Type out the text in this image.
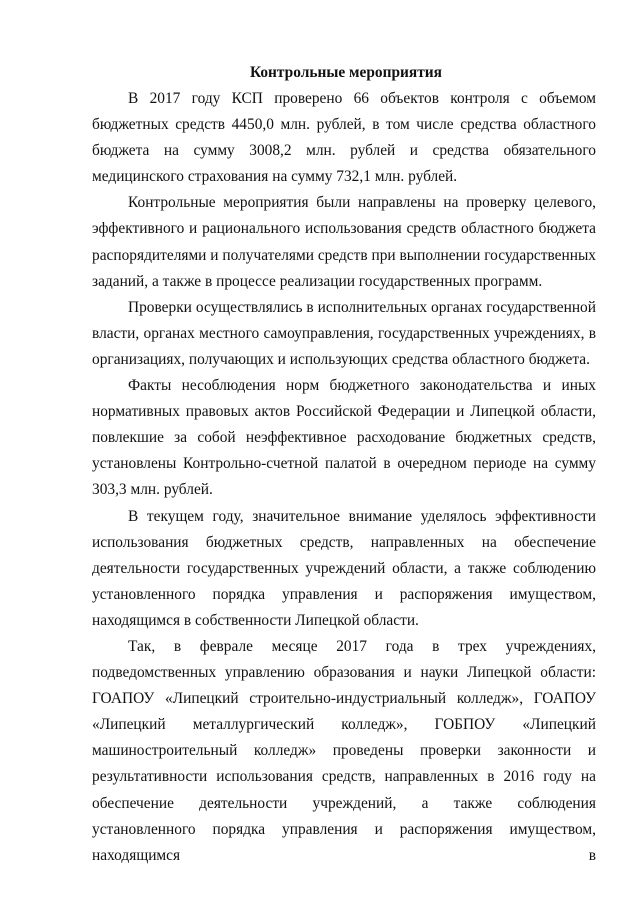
Контрольные мероприятия

В 2017 году КСП проверено 66 объектов контроля с объемом бюджетных средств 4450,0 млн. рублей, в том числе средства областного бюджета на сумму 3008,2 млн. рублей и средства обязательного медицинского страхования на сумму 732,1 млн. рублей.

Контрольные мероприятия были направлены на проверку целевого, эффективного и рационального использования средств областного бюджета распорядителями и получателями средств при выполнении государственных заданий, а также в процессе реализации государственных программ.

Проверки осуществлялись в исполнительных органах государственной власти, органах местного самоуправления, государственных учреждениях, в организациях, получающих и использующих средства областного бюджета.

Факты несоблюдения норм бюджетного законодательства и иных нормативных правовых актов Российской Федерации и Липецкой области, повлекшие за собой неэффективное расходование бюджетных средств, установлены Контрольно-счетной палатой в очередном периоде на сумму 303,3 млн. рублей.

В текущем году, значительное внимание уделялось эффективности использования бюджетных средств, направленных на обеспечение деятельности государственных учреждений области, а также соблюдению установленного порядка управления и распоряжения имуществом, находящимся в собственности Липецкой области.

Так, в феврале месяце 2017 года в трех учреждениях, подведомственных управлению образования и науки Липецкой области: ГОАПОУ «Липецкий строительно-индустриальный колледж», ГОАПОУ «Липецкий металлургический колледж», ГОБПОУ «Липецкий машиностроительный колледж» проведены проверки законности и результативности использования средств, направленных в 2016 году на обеспечение деятельности учреждений, а также соблюдения установленного порядка управления и распоряжения имуществом, находящимся в
